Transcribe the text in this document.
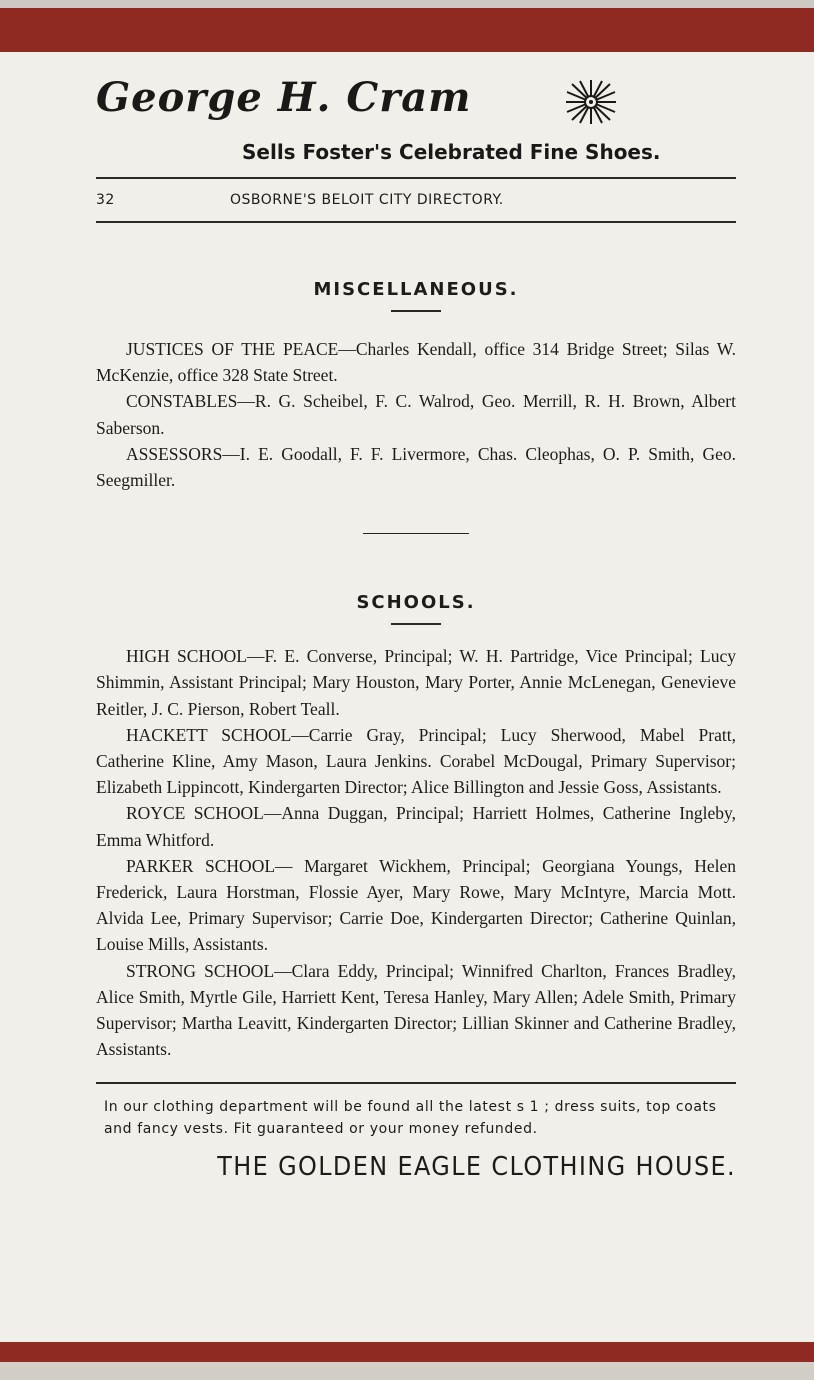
George H. Cram
Sells Foster's Celebrated Fine Shoes.
32	OSBORNE'S BELOIT CITY DIRECTORY.
MISCELLANEOUS.

JUSTICES OF THE PEACE—Charles Kendall, office 314 Bridge Street; Silas W. McKenzie, office 328 State Street.

CONSTABLES—R. G. Scheibel, F. C. Walrod, Geo. Merrill, R. H. Brown, Albert Saberson.

ASSESSORS—I. E. Goodall, F. F. Livermore, Chas. Cleophas, O. P. Smith, Geo. Seegmiller.

SCHOOLS.

HIGH SCHOOL—F. E. Converse, Principal; W. H. Partridge, Vice Principal; Lucy Shimmin, Assistant Principal; Mary Houston, Mary Porter, Annie McLenegan, Genevieve Reitler, J. C. Pierson, Robert Teall.

HACKETT SCHOOL—Carrie Gray, Principal; Lucy Sherwood, Mabel Pratt, Catherine Kline, Amy Mason, Laura Jenkins. Corabel McDougal, Primary Supervisor; Elizabeth Lippincott, Kindergarten Director; Alice Billington and Jessie Goss, Assistants.

ROYCE SCHOOL—Anna Duggan, Principal; Harriett Holmes, Catherine Ingleby, Emma Whitford.

PARKER SCHOOL— Margaret Wickhem, Principal; Georgiana Youngs, Helen Frederick, Laura Horstman, Flossie Ayer, Mary Rowe, Mary McIntyre, Marcia Mott. Alvida Lee, Primary Supervisor; Carrie Doe, Kindergarten Director; Catherine Quinlan, Louise Mills, Assistants.

STRONG SCHOOL—Clara Eddy, Principal; Winnifred Charlton, Frances Bradley, Alice Smith, Myrtle Gile, Harriett Kent, Teresa Hanley, Mary Allen; Adele Smith, Primary Supervisor; Martha Leavitt, Kindergarten Director; Lillian Skinner and Catherine Bradley, Assistants.

In our clothing department will be found all the latest s 1 ; dress suits, top coats and fancy vests. Fit guaranteed or your money refunded.
THE GOLDEN EAGLE CLOTHING HOUSE.
